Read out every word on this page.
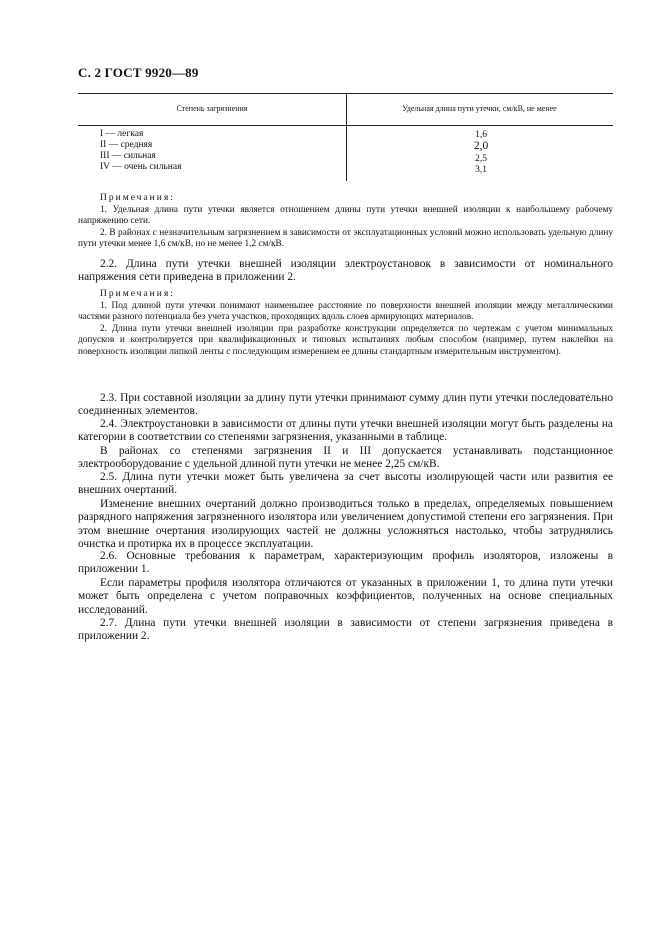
С. 2 ГОСТ 9920—89
Степень загрязнения	Удельная длина пути утечки, см/кВ, не менее
I — легкая
II — средняя
III — сильная
IV — очень сильная
1,6
2,0
2,5
3,1
Примечания:
1. Удельная длина пути утечки является отношением длины пути утечки внешней изоляции к наибольшему рабочему напряжению сети.
2. В районах с незначительным загрязнением в зависимости от эксплуатационных условий можно использовать удельную длину пути утечки менее 1,6 см/кВ, но не менее 1,2 см/кВ.
2.2. Длина пути утечки внешней изоляции электроустановок в зависимости от номинального напряжения сети приведена в приложении 2.
Примечания:
1. Под длиной пути утечки понимают наименьшее расстояние по поверхности внешней изоляции между металлическими частями разного потенциала без учета участков, проходящих вдоль слоев армирующих материалов.
2. Длина пути утечки внешней изоляции при разработке конструкции определяется по чертежам с учетом минимальных допусков и контролируется при квалификационных и типовых испытаниях любым способом (например, путем наклейки на поверхность изоляции липкой ленты с последующим измерением ее длины стандартным измерительным инструментом).
2.3. При составной изоляции за длину пути утечки принимают сумму длин пути утечки последовательно соединенных элементов.
2.4. Электроустановки в зависимости от длины пути утечки внешней изоляции могут быть разделены на категории в соответствии со степенями загрязнения, указанными в таблице.
В районах со степенями загрязнения II и III допускается устанавливать подстанционное электрооборудование с удельной длиной пути утечки не менее 2,25 см/кВ.
2.5. Длина пути утечки может быть увеличена за счет высоты изолирующей части или развития ее внешних очертаний.
Изменение внешних очертаний должно производиться только в пределах, определяемых повышением разрядного напряжения загрязненного изолятора или увеличением допустимой степени его загрязнения. При этом внешние очертания изолирующих частей не должны усложняться настолько, чтобы затруднялись очистка и протирка их в процессе эксплуатации.
2.6. Основные требования к параметрам, характеризующим профиль изоляторов, изложены в приложении 1.
Если параметры профиля изолятора отличаются от указанных в приложении 1, то длина пути утечки может быть определена с учетом поправочных коэффициентов, полученных на основе специальных исследований.
2.7. Длина пути утечки внешней изоляции в зависимости от степени загрязнения приведена в приложении 2.
